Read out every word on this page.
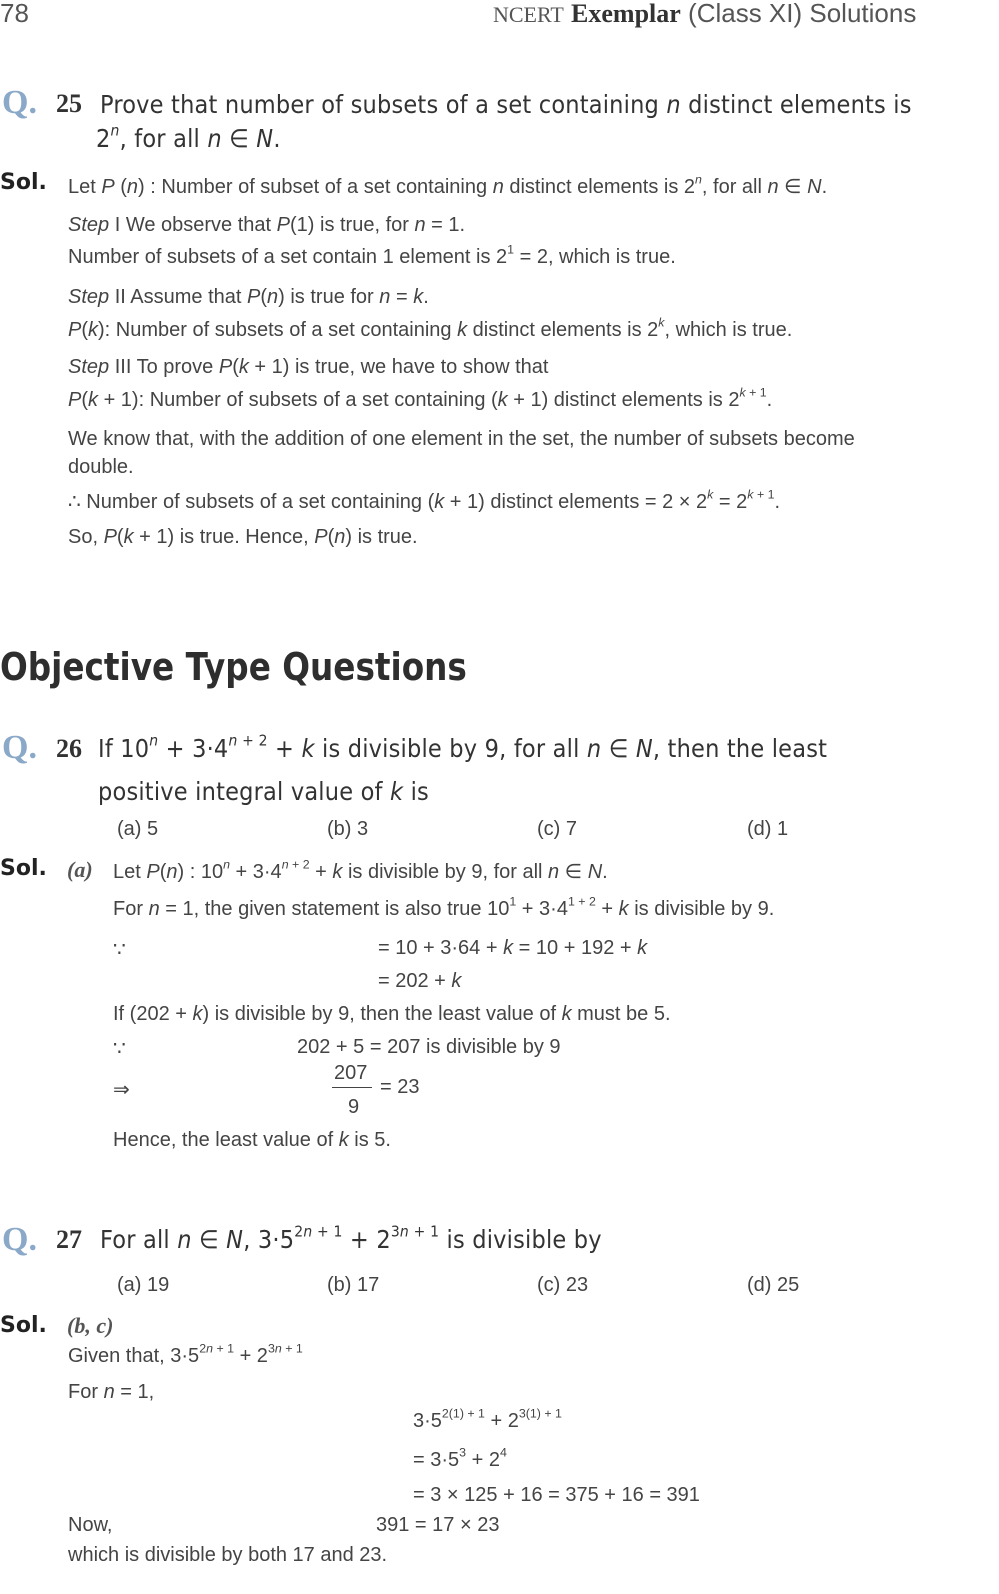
78	NCERT Exemplar (Class XI) Solutions
Q. 25 Prove that number of subsets of a set containing n distinct elements is
2$^n$, for all n ∈ N.
Sol. Let P (n) : Number of subset of a set containing n distinct elements is 2$^n$, for all n ∈ N.
Step I We observe that P(1) is true, for n = 1.
Number of subsets of a set contain 1 element is $2^1 = 2$, which is true.
Step II Assume that P(n) is true for n = k.
P(k): Number of subsets of a set containing k distinct elements is 2$^k$, which is true.
Step III To prove P(k + 1) is true, we have to show that
P(k + 1): Number of subsets of a set containing (k + 1) distinct elements is $2^{k + 1}$.
We know that, with the addition of one element in the set, the number of subsets become
double.
∴ Number of subsets of a set containing (k + 1) distinct elements = $2 \times 2^k = 2^{k + 1}$.
So, P(k + 1) is true. Hence, P(n) is true.
Objective Type Questions
Q. 26 If $10^n + 3\cdot 4^{n + 2} + k$ is divisible by 9, for all n ∈ N, then the least
positive integral value of k is
(a) 5	(b) 3	(c) 7	(d) 1
Sol. (a) Let P(n) : $10^n + 3\cdot 4^{n + 2} + k$ is divisible by 9, for all n ∈ N.
For n = 1, the given statement is also true $10^1 + 3\cdot 4^{1 + 2} + k$ is divisible by 9.
∵	= 10 + 3·64 + k = 10 + 192 + k
= 202 + k
If (202 + k) is divisible by 9, then the least value of k must be 5.
∵	202 + 5 = 207 is divisible by 9
⇒
207
9
= 23
Hence, the least value of k is 5.
Q. 27 For all n ∈ N, $3\cdot 5^{2n + 1} + 2^{3n + 1}$ is divisible by
(a) 19	(b) 17	(c) 23	(d) 25
Sol. (b, c)
Given that, $3\cdot 5^{2n + 1} + 2^{3n + 1}$
For n = 1,
$3\cdot 5^{2(1) + 1} + 2^{3(1) + 1}$
= $3\cdot 5^3 + 2^4$
= 3 × 125 + 16 = 375 + 16 = 391
Now,	391 = 17 × 23
which is divisible by both 17 and 23.
